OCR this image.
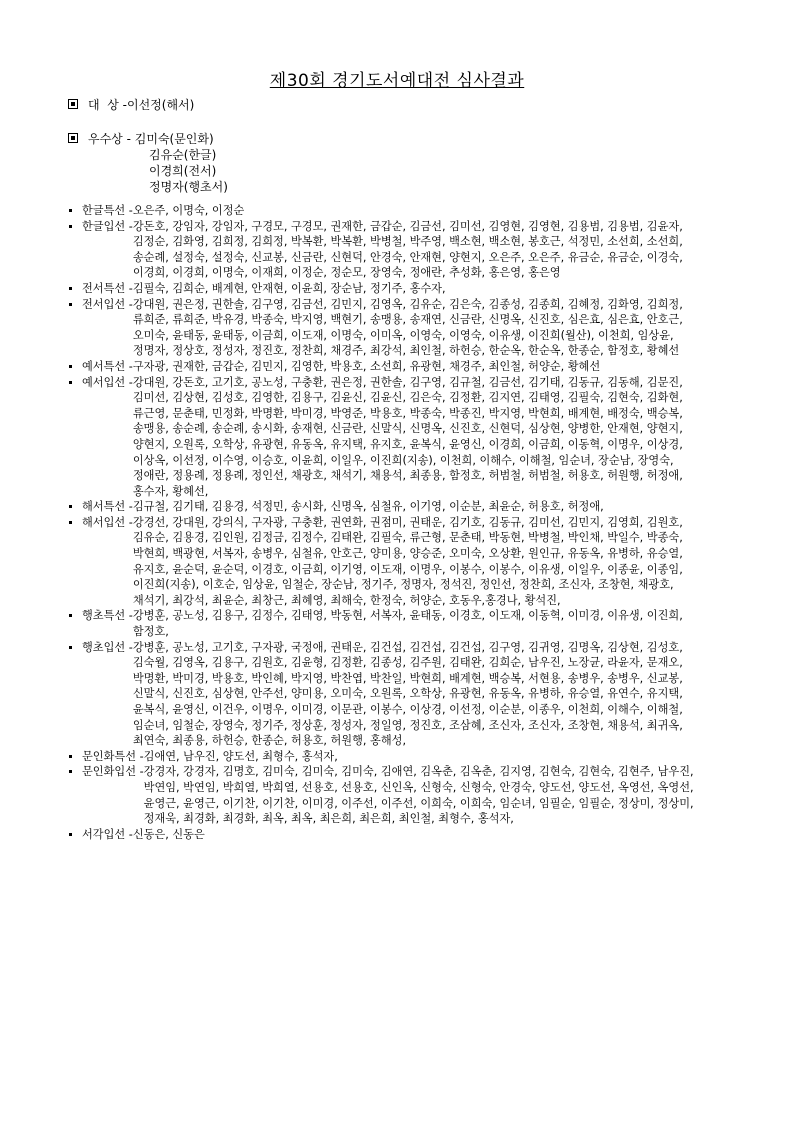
제30회 경기도서예대전 심사결과
대  상 -이선정(해서)
우수상 - 김미숙(문인화)
김유순(한글)
이경희(전서)
정명자(행초서)
한글특선 - 오은주, 이명숙, 이정순
한글입선 - 강돈호, 강임자, 강임자, 구경모, 구경모, 권재한, 금갑순, 김금선, 김미선, 김영현, 김영현, 김용범, 김용범, 김윤자, 김정순, 김화영, 김희정, 김희정, 박복환, 박복환, 박병철, 박주영, 백소현, 백소현, 봉호근, 석정민, 소선희, 소선희, 송순례, 설정숙, 설정숙, 신교봉, 신금란, 신현덕, 안경숙, 안재현, 양현지, 오은주, 오은주, 유금순, 유금순, 이경숙, 이경희, 이경희, 이명숙, 이재희, 이정순, 정순모, 장영숙, 정애란, 추성화, 홍은영, 홍은영
전서특선 - 김필숙, 김희순, 배계현, 안재현, 이윤희, 장순남, 정기주, 홍수자,
전서입선 - 강대원, 권은정, 권한솔, 김구영, 김금선, 김민지, 김영옥, 김유순, 김은숙, 김종성, 김종희, 김혜정, 김화영, 김희정, 류희준, 류희준, 박유경, 박종숙, 박지영, 백현기, 송맹용, 송재연, 신금란, 신명옥, 신진호, 심은효, 심은효, 안호근, 오미숙, 윤태동, 윤태동, 이금희, 이도재, 이명숙, 이미옥, 이영숙, 이영숙, 이유생, 이진희(월산), 이천희, 임상윤, 정명자, 정상호, 정성자, 정진호, 정찬희, 채경주, 최강석, 최인철, 하헌승, 한순옥, 한순옥, 한종순, 함정호, 황혜선
예서특선 - 구자광, 권재한, 금갑순, 김민지, 김영한, 박용호, 소선희, 유광현, 채경주, 최인철, 허양순, 황혜선
예서입선 - 강대원, 강돈호, 고기호, 공노성, 구충환, 권은정, 권한솔, 김구영, 김규철, 김금선, 김기태, 김동규, 김동해, 김문진, 김미선, 김상현, 김성호, 김영한, 김용구, 김윤신, 김윤신, 김은숙, 김정환, 김지연, 김태영, 김필숙, 김현숙, 김화현, 류근영, 문춘태, 민정화, 박명환, 박미경, 박영준, 박용호, 박종숙, 박종진, 박지영, 박현희, 배계현, 배정숙, 백승복, 송맹용, 송순례, 송순례, 송시화, 송재현, 신금란, 신말식, 신명옥, 신진호, 신현덕, 심상현, 양병한, 안재현, 양현지, 양현지, 오원록, 오학상, 유광현, 유동옥, 유지택, 유지호, 윤복식, 윤영신, 이경희, 이금희, 이동혁, 이명우, 이상경, 이상옥, 이선정, 이수영, 이승호, 이윤희, 이일우, 이진희(지송), 이천희, 이해수, 이해철, 임순녀, 장순남, 장영숙, 정애란, 정용례, 정용례, 정인선, 채광호, 채석기, 채용석, 최종용, 함정호, 허범철, 허범철, 허용호, 허원행, 허정애, 홍수자, 황혜선,
해서특선 - 김규철, 김기태, 김용경, 석정민, 송시화, 신명옥, 심철유, 이기영, 이순분, 최윤순, 허용호, 허정애,
해서입선 - 강경선, 강대원, 강의식, 구자광, 구충환, 권연화, 권점미, 권태운, 김기호, 김동규, 김미선, 김민지, 김영희, 김원호, 김유순, 김용경, 김인원, 김정금, 김정수, 김태완, 김필숙, 류근형, 문춘태, 박동현, 박병철, 박인채, 박일수, 박종숙, 박현희, 백광현, 서복자, 송병우, 심철유, 안호근, 양미용, 양승준, 오미숙, 오상환, 원인규, 유동옥, 유병하, 유승열, 유지호, 윤순덕, 윤순덕, 이경호, 이금희, 이기영, 이도재, 이명우, 이봉수, 이봉수, 이유생, 이일우, 이종윤, 이종임, 이진희(지송), 이호순, 임상윤, 임철순, 장순남, 정기주, 정명자, 정석진, 정인선, 정찬희, 조신자, 조창현, 채광호, 채석기, 최강석, 최윤순, 최창근, 최혜영, 최해숙, 한정숙, 허양순, 호동우,홍경나, 황석진,
행초특선 - 강병훈, 공노성, 김용구, 김정수, 김태영, 박동현, 서복자, 윤태동, 이경호, 이도재, 이동혁, 이미경, 이유생, 이진희, 함정호,
행초입선 - 강병훈, 공노성, 고기호, 구자광, 국정애, 권태운, 김건섭, 김건섭, 김건섭, 김구영, 김귀영, 김명옥, 김상현, 김성호, 김숙월, 김영옥, 김용구, 김원호, 김윤형, 김정환, 김종성, 김주원, 김태완, 김희순, 남우진, 노장균, 라윤자, 문재오, 박명환, 박미경, 박용호, 박인혜, 박지영, 박찬엽, 박찬일, 박현희, 배계현, 백승복, 서현용, 송병우, 송병우, 신교봉, 신말식, 신진호, 심상현, 안주선, 양미용, 오미숙, 오원록, 오학상, 유광현, 유동옥, 유병하, 유승열, 유연수, 유지택, 윤복식, 윤영신, 이건우, 이명우, 이미경, 이문관, 이봉수, 이상경, 이선정, 이순분, 이종우, 이천희, 이해수, 이해철, 임순녀, 임철순, 장영숙, 정기주, 정상훈, 정성자, 정일영, 정진호, 조삼혜, 조신자, 조신자, 조창현, 채용석, 최귀옥, 최연숙, 최종용, 하헌승, 한종순, 허용호, 허원행, 홍해성,
문인화특선 - 김애연, 남우진, 양도선, 최형수, 홍석자,
문인화입선 - 강경자, 강경자, 김명호, 김미숙, 김미숙, 김미숙, 김애연, 김옥춘, 김옥춘, 김지영, 김현숙, 김현숙, 김현주, 남우진, 박연임, 박연임, 박희열, 박희열, 선용호, 선용호, 신인옥, 신형숙, 신형숙, 안경숙, 양도선, 양도선, 옥영선, 옥영선, 윤영근, 윤영근, 이기찬, 이기찬, 이미경, 이주선, 이주선, 이희숙, 이희숙, 임순녀, 임필순, 임필순, 정상미, 정상미, 정재욱, 최경화, 최경화, 최옥, 최옥, 최은희, 최은희, 최인철, 최형수, 홍석자,
서각입선 - 신동은, 신동은
